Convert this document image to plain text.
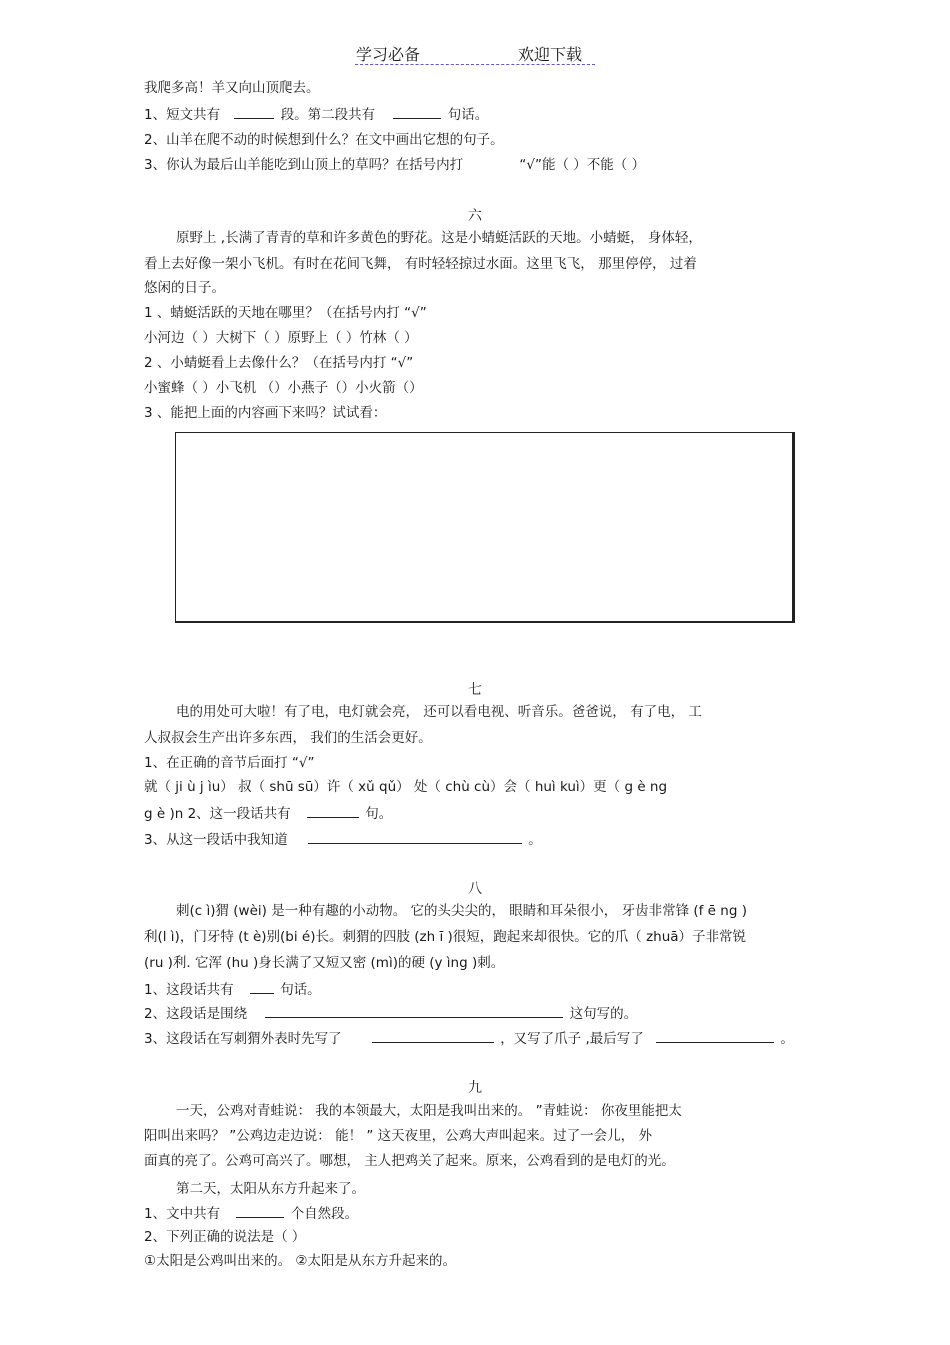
学习必备	欢迎下载
我爬多高！羊又向山顶爬去。
1、短文共有	段。第二段共有	句话。
2、山羊在爬不动的时候想到什么？在文中画出它想的句子。
3、你认为最后山羊能吃到山顶上的草吗？在括号内打	“√”能（ ）不能（ ）
六
原野上 ,长满了青青的草和许多黄色的野花。这是小蜻蜓活跃的天地。小蜻蜓， 身体轻，
看上去好像一架小飞机。有时在花间飞舞， 有时轻轻掠过水面。这里飞飞， 那里停停， 过着
悠闲的日子。
1 、蜻蜓活跃的天地在哪里？（在括号内打 “√”
小河边（ ）大树下（ ）原野上（ ）竹林（ ）
2 、小蜻蜓看上去像什么？（在括号内打 “√”
小蜜蜂（ ）小飞机 （）小燕子（）小火箭（）
3 、能把上面的内容画下来吗？试试看：
七
电的用处可大啦！有了电，电灯就会亮， 还可以看电视、听音乐。爸爸说， 有了电， 工
人叔叔会生产出许多东西， 我们的生活会更好。
1、在正确的音节后面打 “√”
就（ ji ù j ìu） 叔（ shū sū）许（ xǔ qǔ） 处（ chù cù）会（ huì kuì）更（ g è ng
g è )n 2、这一段话共有	句。
3、从这一段话中我知道	。
八
刺(c ì)猬 (wèi) 是一种有趣的小动物。 它的头尖尖的， 眼睛和耳朵很小， 牙齿非常锋 (f ē ng )
利(l ì)，门牙特 (t è)别(bi é)长。刺猬的四肢 (zh ī )很短，跑起来却很快。它的爪（ zhuā）子非常锐
(ru )利. 它浑 (hu )身长满了又短又密 (mì)的硬 (y ìng )刺。
1、这段话共有	句话。
2、这段话是围绕	这句写的。
3、这段话在写刺猬外表时先写了	，又写了爪子 ,最后写了	。
九
一天，公鸡对青蛙说： 我的本领最大，太阳是我叫出来的。 ”青蛙说： 你夜里能把太
阳叫出来吗？ ”公鸡边走边说： 能！ ” 这天夜里，公鸡大声叫起来。过了一会儿， 外
面真的亮了。公鸡可高兴了。哪想， 主人把鸡关了起来。原来，公鸡看到的是电灯的光。
第二天，太阳从东方升起来了。
1、文中共有	个自然段。
2、下列正确的说法是（ ）
①太阳是公鸡叫出来的。 ②太阳是从东方升起来的。
